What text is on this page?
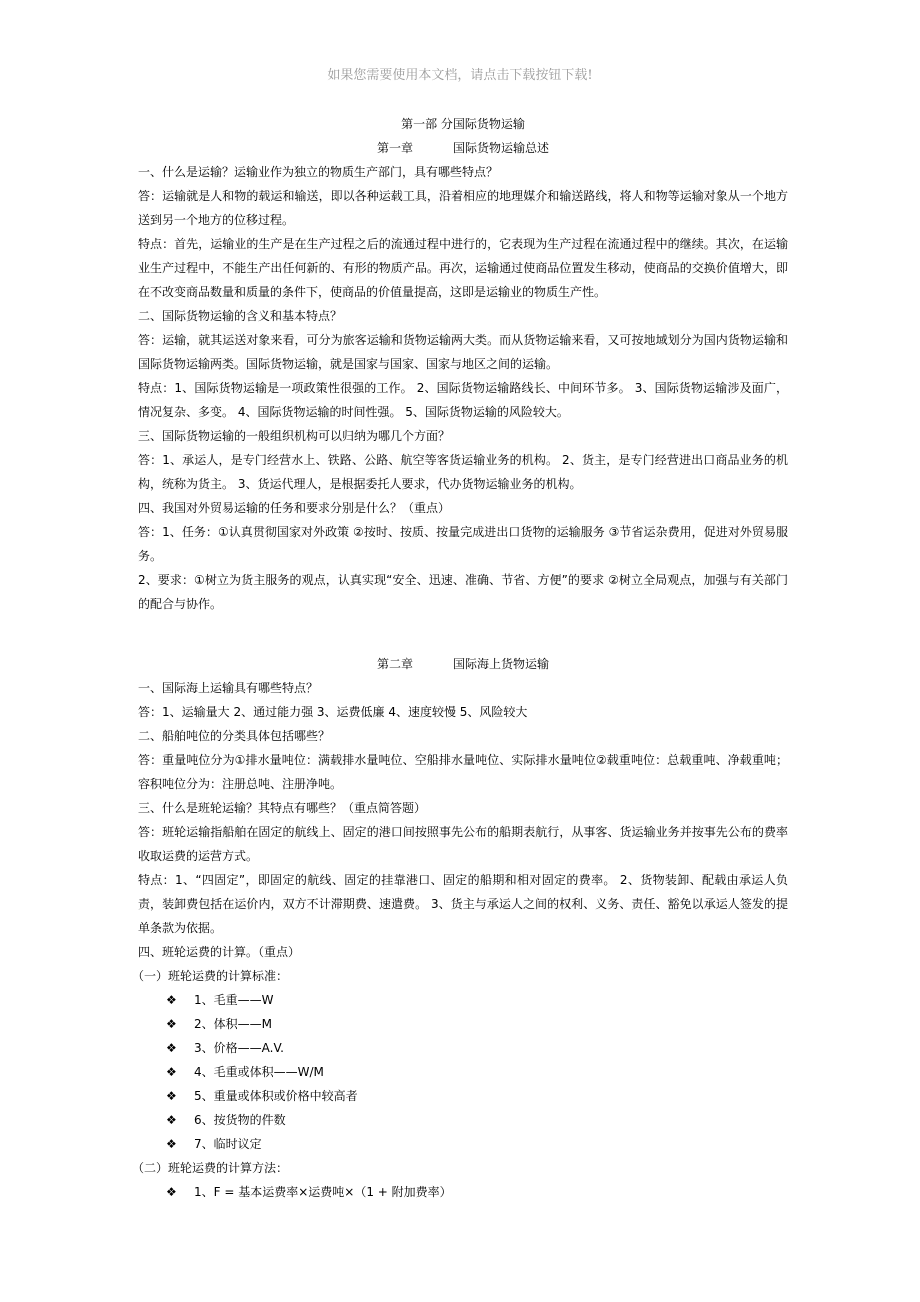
如果您需要使用本文档，请点击下载按钮下载!
第一部 分国际货物运输
第一章	国际货物运输总述

一、什么是运输？运输业作为独立的物质生产部门，具有哪些特点？

答：运输就是人和物的载运和输送，即以各种运载工具，沿着相应的地理媒介和输送路线，将人和物等运输对象从一个地方送到另一个地方的位移过程。

特点：首先，运输业的生产是在生产过程之后的流通过程中进行的，它表现为生产过程在流通过程中的继续。其次，在运输业生产过程中，不能生产出任何新的、有形的物质产品。再次，运输通过使商品位置发生移动，使商品的交换价值增大，即在不改变商品数量和质量的条件下，使商品的价值量提高，这即是运输业的物质生产性。

二、国际货物运输的含义和基本特点？

答：运输，就其运送对象来看，可分为旅客运输和货物运输两大类。而从货物运输来看，又可按地域划分为国内货物运输和国际货物运输两类。国际货物运输，就是国家与国家、国家与地区之间的运输。

特点：1、国际货物运输是一项政策性很强的工作。 2、国际货物运输路线长、中间环节多。 3、国际货物运输涉及面广，情况复杂、多变。 4、国际货物运输的时间性强。 5、国际货物运输的风险较大。

三、国际货物运输的一般组织机构可以归纳为哪几个方面？

答：1、承运人，是专门经营水上、铁路、公路、航空等客货运输业务的机构。 2、货主，是专门经营进出口商品业务的机构，统称为货主。 3、货运代理人，是根据委托人要求，代办货物运输业务的机构。

四、我国对外贸易运输的任务和要求分别是什么？（重点）

答：1、任务：①认真贯彻国家对外政策 ②按时、按质、按量完成进出口货物的运输服务 ③节省运杂费用，促进对外贸易服务。

2、要求：①树立为货主服务的观点，认真实现“安全、迅速、准确、节省、方便”的要求 ②树立全局观点，加强与有关部门的配合与协作。

第二章	国际海上货物运输

一、国际海上运输具有哪些特点？

答：1、运输量大 2、通过能力强 3、运费低廉 4、速度较慢 5、风险较大

二、船舶吨位的分类具体包括哪些？

答：重量吨位分为①排水量吨位：满载排水量吨位、空船排水量吨位、实际排水量吨位②载重吨位：总载重吨、净载重吨；容积吨位分为：注册总吨、注册净吨。

三、什么是班轮运输？其特点有哪些？（重点简答题）

答：班轮运输指船舶在固定的航线上、固定的港口间按照事先公布的船期表航行，从事客、货运输业务并按事先公布的费率收取运费的运营方式。

特点：1、“四固定”，即固定的航线、固定的挂靠港口、固定的船期和相对固定的费率。 2、货物装卸、配载由承运人负责，装卸费包括在运价内，双方不计滞期费、速遣费。 3、货主与承运人之间的权利、义务、责任、豁免以承运人签发的提单条款为依据。

四、班轮运费的计算。（重点）

（一）班轮运费的计算标准：

❖	1、毛重——W
❖	2、体积——M
❖	3、价格——A.V.
❖	4、毛重或体积——W/M
❖	5、重量或体积或价格中较高者
❖	6、按货物的件数
❖	7、临时议定

（二）班轮运费的计算方法：

❖	1、F = 基本运费率×运费吨×（1 + 附加费率）
